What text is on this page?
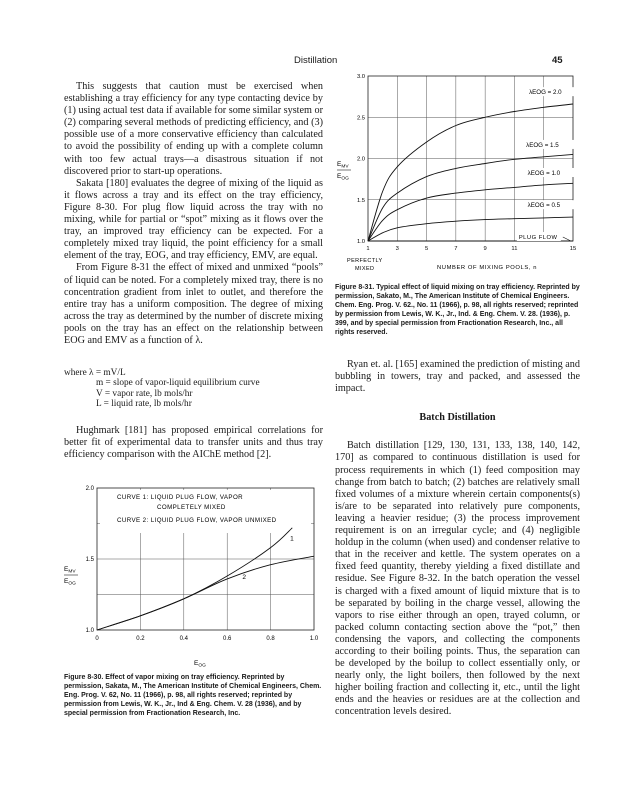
Distillation	45

This suggests that caution must be exercised when establishing a tray efficiency for any type contacting device by (1) using actual test data if available for some similar system or (2) comparing several methods of predicting efficiency, and (3) possible use of a more conservative efficiency than calculated to avoid the possibility of ending up with a complete column with too few actual trays—a disastrous situation if not discovered prior to start-up operations.

Sakata [180] evaluates the degree of mixing of the liquid as it flows across a tray and its effect on the tray efficiency, Figure 8-30. For plug flow liquid across the tray with no mixing, while for partial or “spot” mixing as it flows over the tray, an improved tray efficiency can be expected. For a completely mixed tray liquid, the point efficiency for a small element of the tray, EOG, and tray efficiency, EMV, are equal.

From Figure 8-31 the effect of mixed and unmixed “pools” of liquid can be noted. For a completely mixed tray, there is no concentration gradient from inlet to outlet, and therefore the entire tray has a uniform composition. The degree of mixing across the tray as determined by the number of discrete mixing pools on the tray has an effect on the relationship between EOG and EMV as a function of λ.

where λ = mV/L
m = slope of vapor-liquid equilibrium curve
V = vapor rate, lb mols/hr
L = liquid rate, lb mols/hr

Hughmark [181] has proposed empirical correlations for better fit of experimental data to transfer units and thus tray efficiency comparison with the AIChE method [2].

CURVE 1: LIQUID PLUG FLOW, VAPOR
COMPLETELY MIXED
CURVE 2: LIQUID PLUG FLOW, VAPOR UNMIXED
0	0.2	0.4	0.6	0.8	1.0
1.0
1.5
2.0
1
2
$E_{MV}$
$E_{OG}$
$E_{OG}$
Figure 8-30. Effect of vapor mixing on tray efficiency. Reprinted by permission, Sakata, M., The American Institute of Chemical Engineers, Chem. Eng. Prog. V. 62, No. 11 (1966), p. 98, all rights reserved; reprinted by permission from Lewis, W. K., Jr., Ind & Eng. Chem. V. 28 (1936), and by special permission from Fractionation Research, Inc.
1	3	5	7	9	11	15
1.0
1.5
2.0
2.5
3.0
λEOG = 2.0
λEOG = 1.5
λEOG = 1.0
λEOG = 0.5
PLUG FLOW
$E_{MV}$
$E_{OG}$
PERFECTLY
MIXED	NUMBER OF MIXING POOLS, n
Figure 8-31. Typical effect of liquid mixing on tray efficiency. Reprinted by permission, Sakato, M., The American Institute of Chemical Engineers. Chem. Eng. Prog. V. 62., No. 11 (1966), p. 98, all rights reserved; reprinted by permission from Lewis, W. K., Jr., Ind. & Eng. Chem. V. 28. (1936), p. 399, and by special permission from Fractionation Research, Inc., all rights reserved.

Ryan et. al. [165] examined the prediction of misting and bubbling in towers, tray and packed, and assessed the impact.

Batch Distillation

Batch distillation [129, 130, 131, 133, 138, 140, 142, 170] as compared to continuous distillation is used for process requirements in which (1) feed composition may change from batch to batch; (2) batches are relatively small fixed volumes of a mixture wherein certain components(s) is/are to be separated into relatively pure components, leaving a heavier residue; (3) the process improvement requirement is on an irregular cycle; and (4) negligible holdup in the column (when used) and condenser relative to that in the receiver and kettle. The system operates on a fixed feed quantity, thereby yielding a fixed distillate and residue. See Figure 8-32. In the batch operation the vessel is charged with a fixed amount of liquid mixture that is to be separated by boiling in the charge vessel, allowing the vapors to rise either through an open, trayed column, or packed column contacting section above the “pot,” then condensing the vapors, and collecting the components according to their boiling points. Thus, the separation can be developed by the boilup to collect essentially only, or nearly only, the light boilers, then followed by the next higher boiling fraction and collecting it, etc., until the light ends and the heavies or residues are at the collection and concentration levels desired.
